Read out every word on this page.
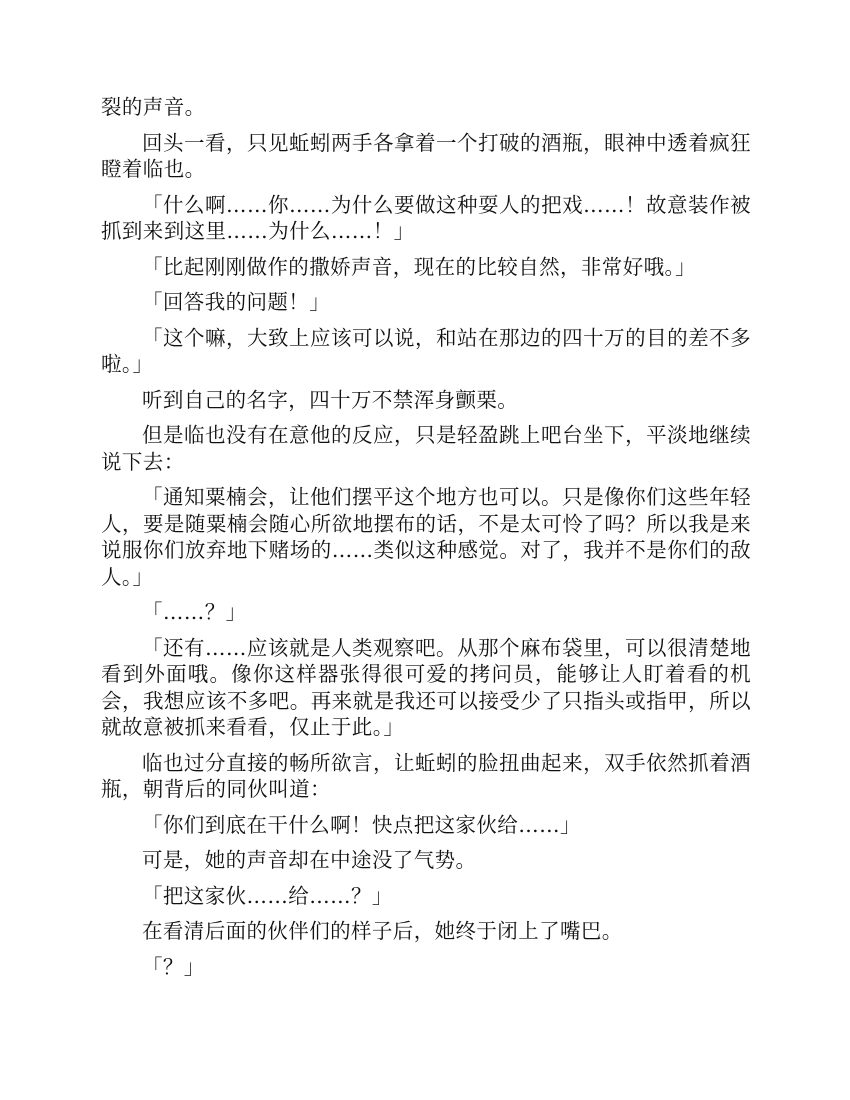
裂的声音。

回头一看，只见蚯蚓两手各拿着一个打破的酒瓶，眼神中透着疯狂瞪着临也。

「什么啊……你……为什么要做这种耍人的把戏……！故意装作被抓到来到这里……为什么……！」

「比起刚刚做作的撒娇声音，现在的比较自然，非常好哦。」

「回答我的问题！」

「这个嘛，大致上应该可以说，和站在那边的四十万的目的差不多啦。」

听到自己的名字，四十万不禁浑身颤栗。

但是临也没有在意他的反应，只是轻盈跳上吧台坐下，平淡地继续说下去：

「通知粟楠会，让他们摆平这个地方也可以。只是像你们这些年轻人，要是随粟楠会随心所欲地摆布的话，不是太可怜了吗？所以我是来说服你们放弃地下赌场的……类似这种感觉。对了，我并不是你们的敌人。」

「……？」

「还有……应该就是人类观察吧。从那个麻布袋里，可以很清楚地看到外面哦。像你这样器张得很可爱的拷问员，能够让人盯着看的机会，我想应该不多吧。再来就是我还可以接受少了只指头或指甲，所以就故意被抓来看看，仅止于此。」

临也过分直接的畅所欲言，让蚯蚓的脸扭曲起来，双手依然抓着酒瓶，朝背后的同伙叫道：

「你们到底在干什么啊！快点把这家伙给……」

可是，她的声音却在中途没了气势。

「把这家伙……给……？」

在看清后面的伙伴们的样子后，她终于闭上了嘴巴。

「？」
